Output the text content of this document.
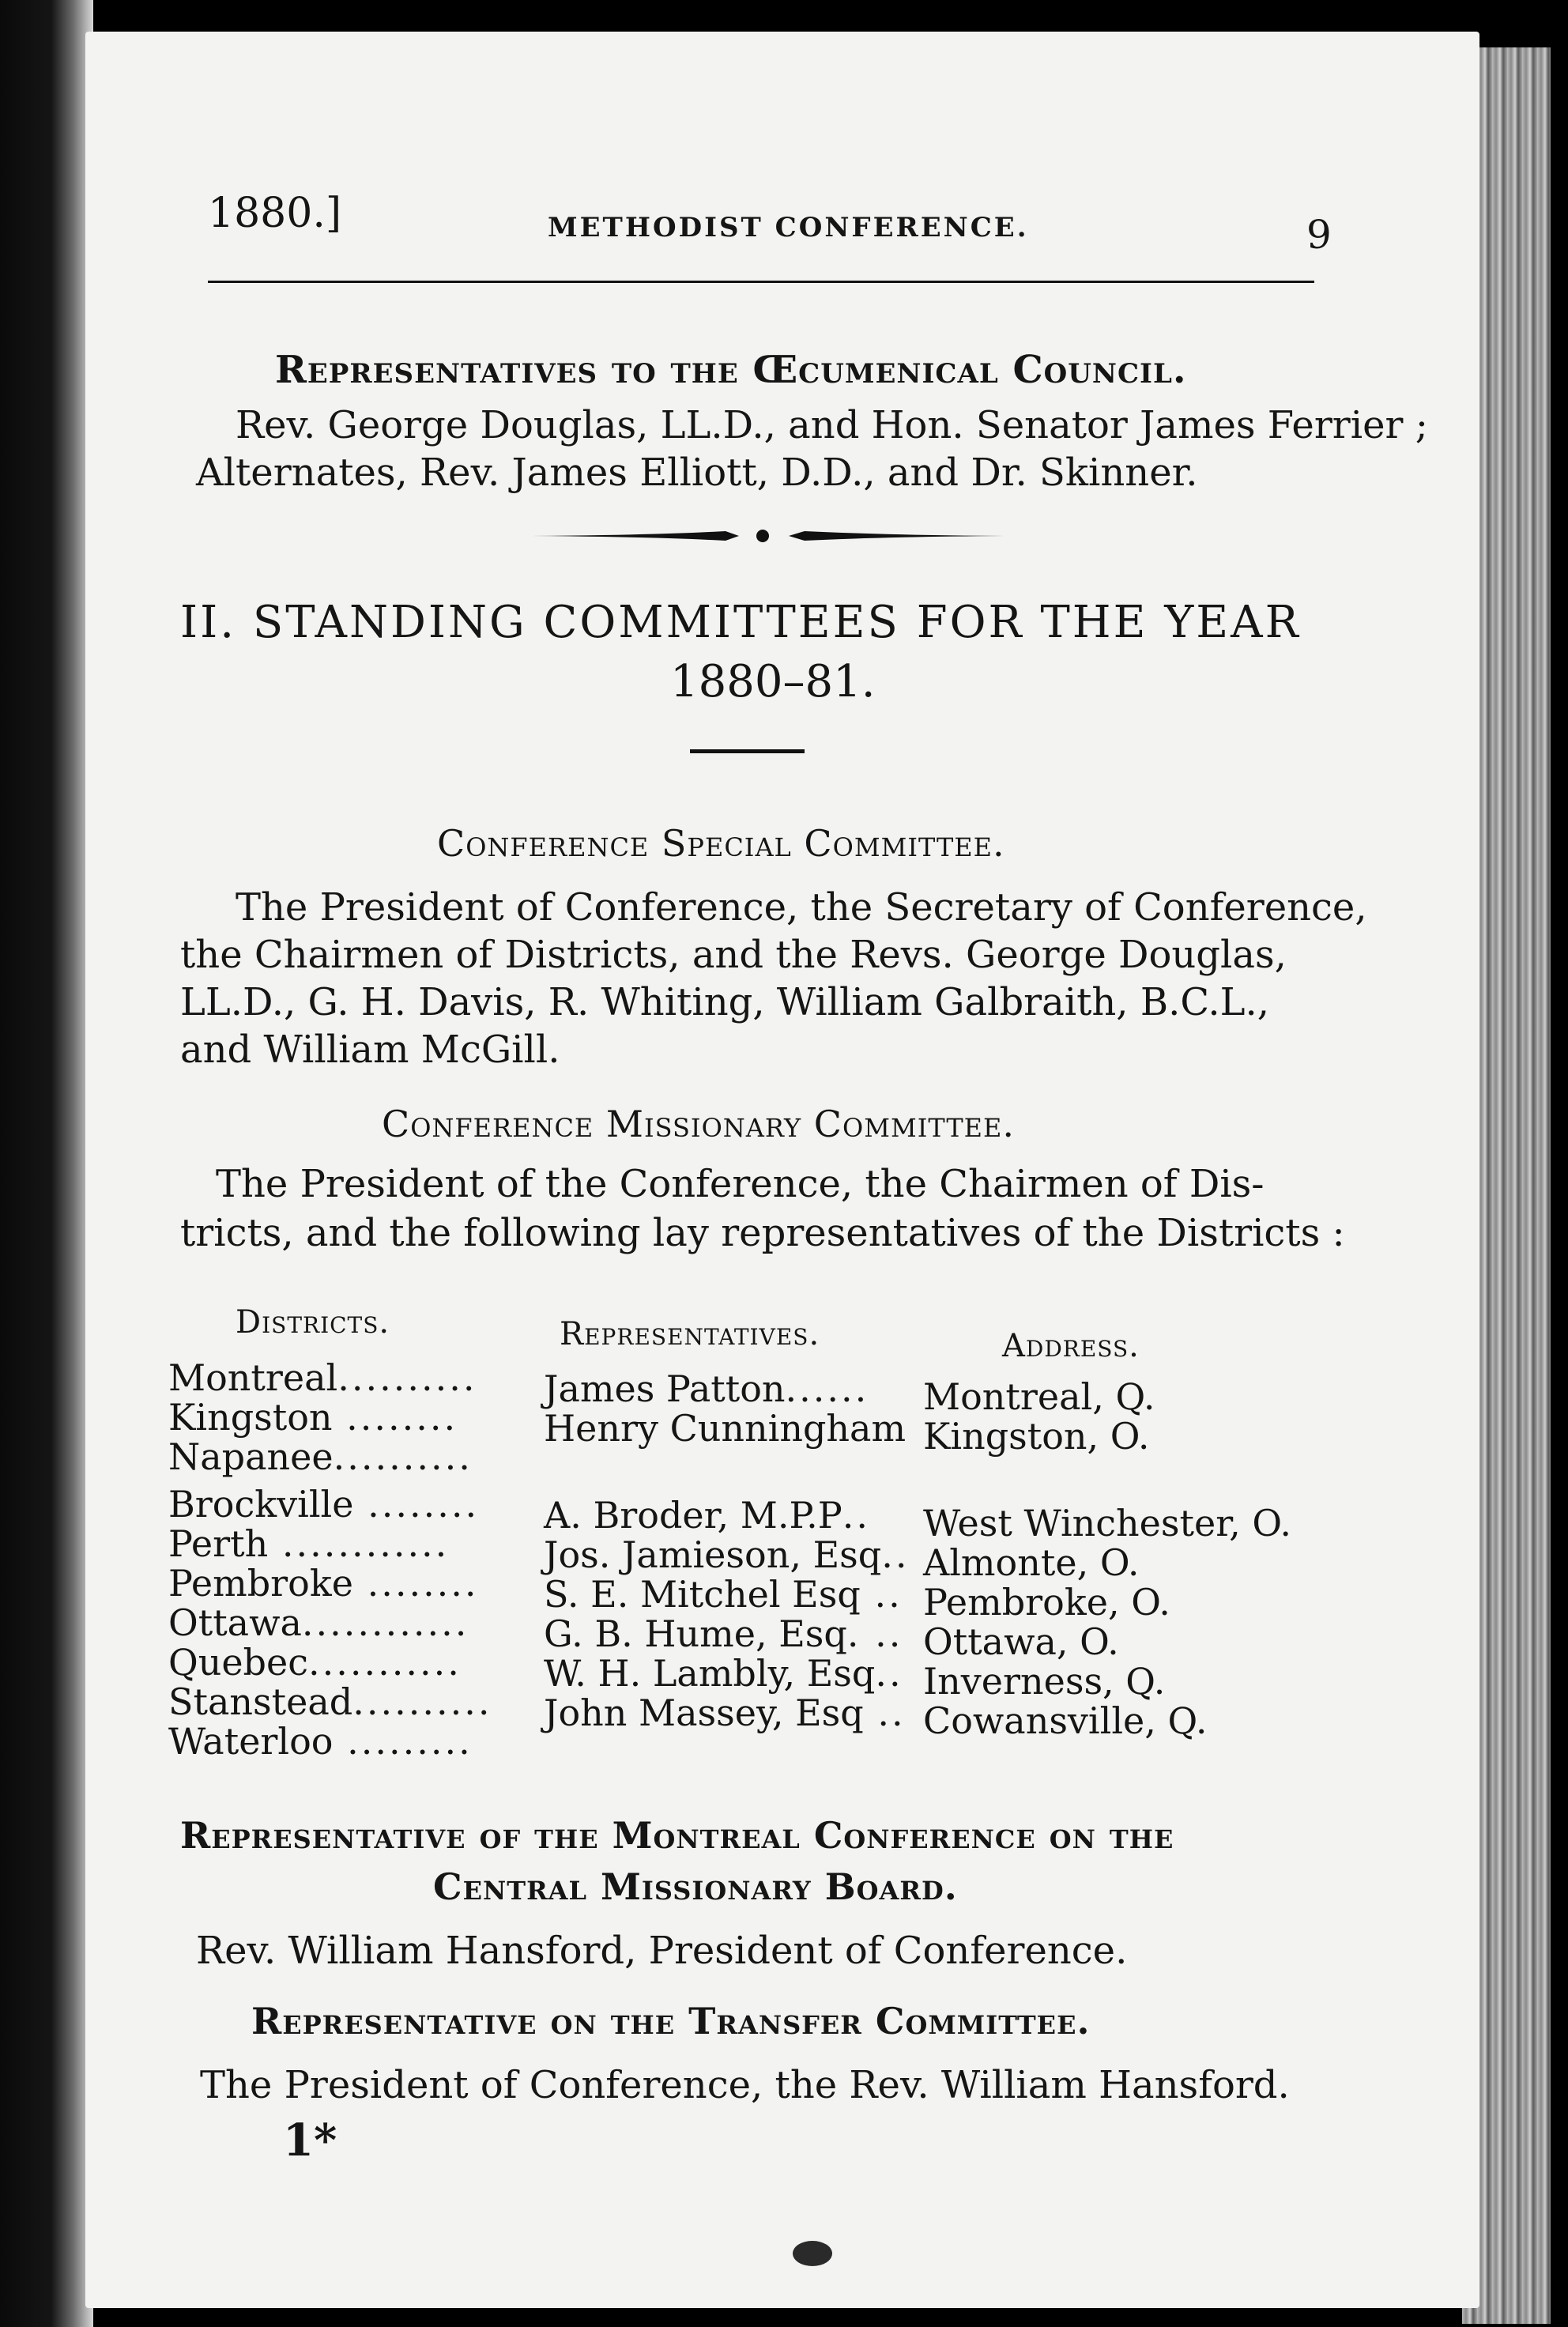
1880.]	METHODIST CONFERENCE.	9
Representatives to the Œcumenical Council.
Rev. George Douglas, LL.D., and Hon. Senator James Ferrier ;
Alternates, Rev. James Elliott, D.D., and Dr. Skinner.
II. STANDING COMMITTEES FOR THE YEAR
1880–81.
Conference Special Committee.
The President of Conference, the Secretary of Conference,
the Chairmen of Districts, and the Revs. George Douglas,
LL.D., G. H. Davis, R. Whiting, William Galbraith, B.C.L.,
and William McGill.
Conference Missionary Committee.
The President of the Conference, the Chairmen of Dis-
tricts, and the following lay representatives of the Districts :
Districts.	Representatives.	Address.
Montreal.......... James Patton...... Montreal, Q.
Kingston ........ Henry Cunningham Kingston, O.
Napanee..........
Brockville ........ A. Broder, M.P.P.. West Winchester, O.
Perth ............	Jos. Jamieson, Esq.. Almonte, O.
Pembroke ........ S. E. Mitchel Esq .. Pembroke, O.
Ottawa............ G. B. Hume, Esq. .. Ottawa, O.
Quebec........... W. H. Lambly, Esq.. Inverness, Q.
Stanstead.......... John Massey, Esq .. Cowansville, Q.
Waterloo .........
Representative of the Montreal Conference on the
Central Missionary Board.
Rev. William Hansford, President of Conference.
Representative on the Transfer Committee.
The President of Conference, the Rev. William Hansford.
1*
